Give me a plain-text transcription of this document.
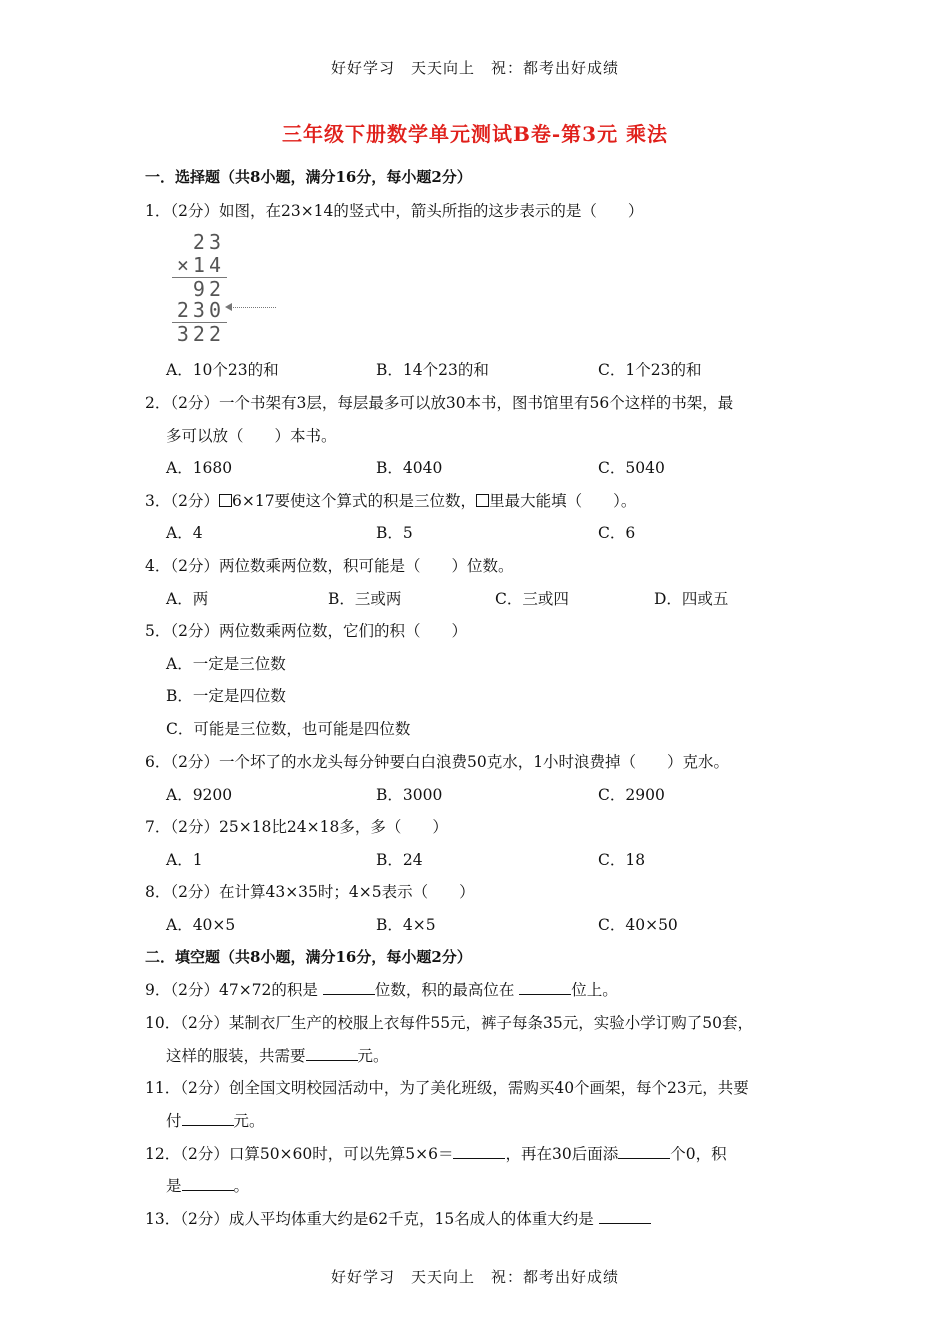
好好学习　天天向上　祝：都考出好成绩
三年级下册数学单元测试B卷-第3元 乘法
一．选择题（共8小题，满分16分，每小题2分）
1．（2分）如图，在23×14的竖式中，箭头所指的这步表示的是（　　）
23
×14
92
230
322
A．10个23的和	B．14个23的和	C．1个23的和
2．（2分）一个书架有3层，每层最多可以放30本书，图书馆里有56个这样的书架，最
多可以放（　　）本书。
A．1680	B．4040	C．5040
3．（2分） 6×17要使这个算式的积是三位数， 里最大能填（　　）。
A．4	B．5	C．6
4．（2分）两位数乘两位数，积可能是（　　）位数。
A．两	B．三或两	C．三或四	D．四或五
5．（2分）两位数乘两位数，它们的积（　　）
A．一定是三位数
B．一定是四位数
C．可能是三位数，也可能是四位数
6．（2分）一个坏了的水龙头每分钟要白白浪费50克水，1小时浪费掉（　　）克水。
A．9200	B．3000	C．2900
7．（2分）25×18比24×18多，多（　　）
A．1	B．24	C．18
8．（2分）在计算43×35时；4×5表示（　　）
A．40×5	B．4×5	C．40×50
二．填空题（共8小题，满分16分，每小题2分）
9．（2分）47×72的积是	位数，积的最高位在	位上。
10．（2分）某制衣厂生产的校服上衣每件55元，裤子每条35元，实验小学订购了50套，
这样的服装，共需要	元。
11．（2分）创全国文明校园活动中，为了美化班级，需购买40个画架，每个23元，共要
付	元。
12．（2分）口算50×60时，可以先算5×6＝	，再在30后面添	个0，积
是	。
13．（2分）成人平均体重大约是62千克，15名成人的体重大约是
好好学习　天天向上　祝：都考出好成绩
